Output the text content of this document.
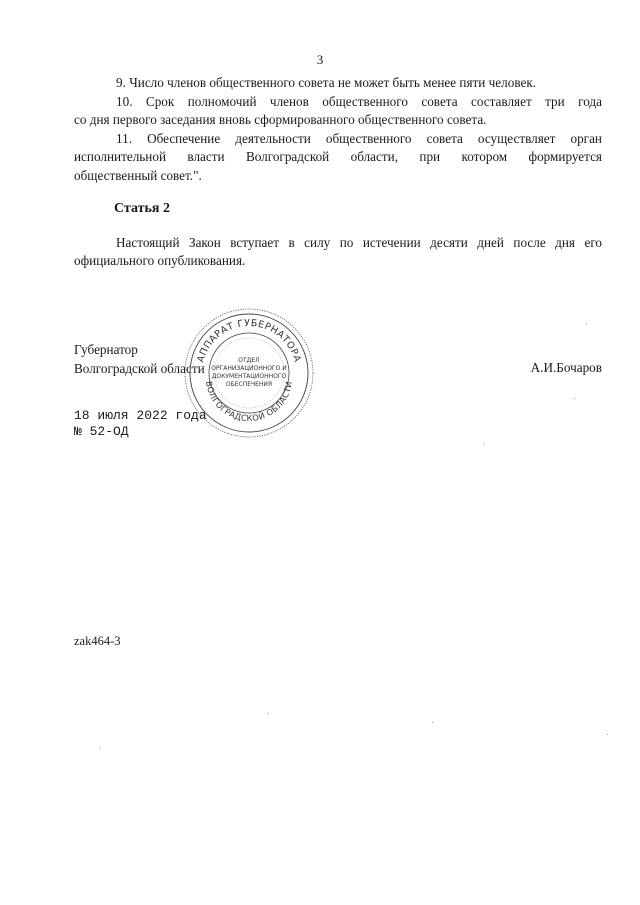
3
9. Число членов общественного совета не может быть менее пяти человек.
10. Срок полномочий членов общественного совета составляет три года
со дня первого заседания вновь сформированного общественного совета.
11. Обеспечение деятельности общественного совета осуществляет орган
исполнительной власти Волгоградской области, при котором формируется
общественный совет.".
Статья 2
Настоящий Закон вступает в силу по истечении десяти дней после дня его
официального опубликования.
Губернатор
Волгоградской области	А.И.Бочаров
18 июля 2022 года
№ 52-ОД
АППАРАТ ГУБЕРНАТОРА
ВОЛГОГРАДСКОЙ ОБЛАСТИ
ОТДЕЛ
ОРГАНИЗАЦИОННОГО И
ДОКУМЕНТАЦИОННОГО
ОБЕСПЕЧЕНИЯ
zak464-3
